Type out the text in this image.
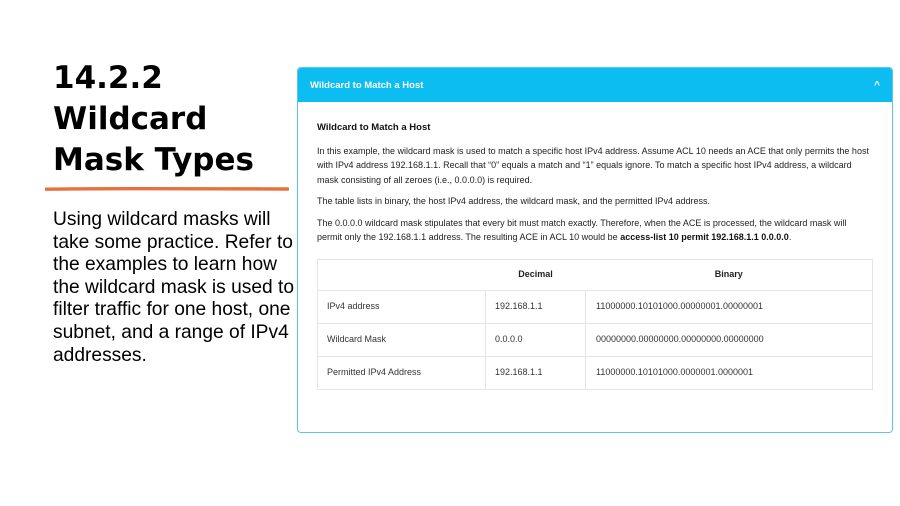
14.2.2
Wildcard
Mask Types
Using wildcard masks will take some practice. Refer to the examples to learn how the wildcard mask is used to filter traffic for one host, one subnet, and a range of IPv4 addresses.
Wildcard to Match a Host	^
Wildcard to Match a Host

In this example, the wildcard mask is used to match a specific host IPv4 address. Assume ACL 10 needs an ACE that only permits the host with IPv4 address 192.168.1.1. Recall that “0” equals a match and “1” equals ignore. To match a specific host IPv4 address, a wildcard mask consisting of all zeroes (i.e., 0.0.0.0) is required.

The table lists in binary, the host IPv4 address, the wildcard mask, and the permitted IPv4 address.

The 0.0.0.0 wildcard mask stipulates that every bit must match exactly. Therefore, when the ACE is processed, the wildcard mask will permit only the 192.168.1.1 address. The resulting ACE in ACL 10 would be access-list 10 permit 192.168.1.1 0.0.0.0.

	Decimal	Binary
IPv4 address	192.168.1.1	11000000.10101000.00000001.00000001
Wildcard Mask	0.0.0.0	00000000.00000000.00000000.00000000
Permitted IPv4 Address	192.168.1.1	11000000.10101000.0000001.0000001
